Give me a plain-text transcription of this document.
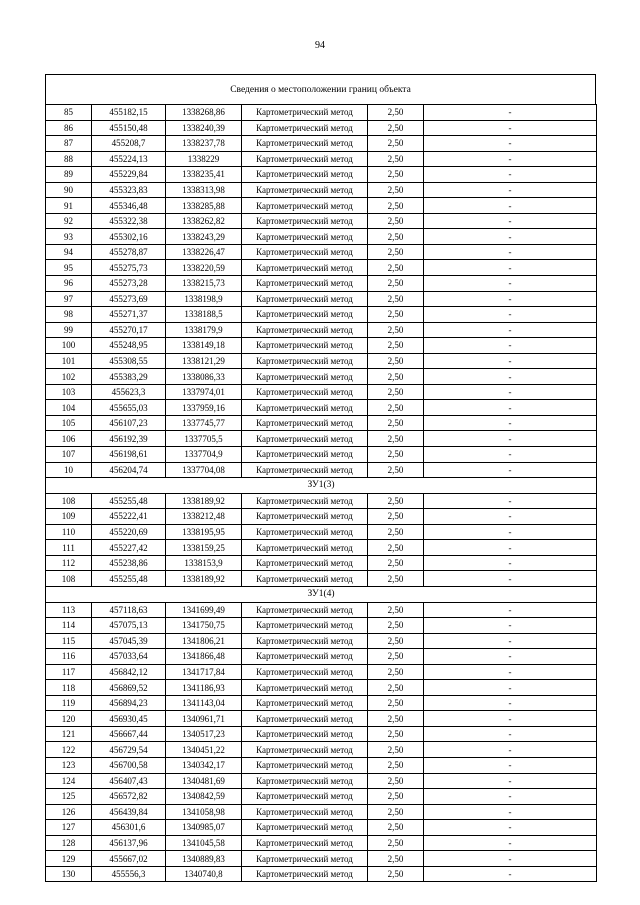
94
Сведения о местоположении границ объекта
85	455182,15	1338268,86	Картометрический метод	2,50	-
86	455150,48	1338240,39	Картометрический метод	2,50	-
87	455208,7	1338237,78	Картометрический метод	2,50	-
88	455224,13	1338229	Картометрический метод	2,50	-
89	455229,84	1338235,41	Картометрический метод	2,50	-
90	455323,83	1338313,98	Картометрический метод	2,50	-
91	455346,48	1338285,88	Картометрический метод	2,50	-
92	455322,38	1338262,82	Картометрический метод	2,50	-
93	455302,16	1338243,29	Картометрический метод	2,50	-
94	455278,87	1338226,47	Картометрический метод	2,50	-
95	455275,73	1338220,59	Картометрический метод	2,50	-
96	455273,28	1338215,73	Картометрический метод	2,50	-
97	455273,69	1338198,9	Картометрический метод	2,50	-
98	455271,37	1338188,5	Картометрический метод	2,50	-
99	455270,17	1338179,9	Картометрический метод	2,50	-
100	455248,95	1338149,18	Картометрический метод	2,50	-
101	455308,55	1338121,29	Картометрический метод	2,50	-
102	455383,29	1338086,33	Картометрический метод	2,50	-
103	455623,3	1337974,01	Картометрический метод	2,50	-
104	455655,03	1337959,16	Картометрический метод	2,50	-
105	456107,23	1337745,77	Картометрический метод	2,50	-
106	456192,39	1337705,5	Картометрический метод	2,50	-
107	456198,61	1337704,9	Картометрический метод	2,50	-
10	456204,74	1337704,08	Картометрический метод	2,50	-
ЗУ1(3)					
108	455255,48	1338189,92	Картометрический метод	2,50	-
109	455222,41	1338212,48	Картометрический метод	2,50	-
110	455220,69	1338195,95	Картометрический метод	2,50	-
111	455227,42	1338159,25	Картометрический метод	2,50	-
112	455238,86	1338153,9	Картометрический метод	2,50	-
108	455255,48	1338189,92	Картометрический метод	2,50	-
ЗУ1(4)					
113	457118,63	1341699,49	Картометрический метод	2,50	-
114	457075,13	1341750,75	Картометрический метод	2,50	-
115	457045,39	1341806,21	Картометрический метод	2,50	-
116	457033,64	1341866,48	Картометрический метод	2,50	-
117	456842,12	1341717,84	Картометрический метод	2,50	-
118	456869,52	1341186,93	Картометрический метод	2,50	-
119	456894,23	1341143,04	Картометрический метод	2,50	-
120	456930,45	1340961,71	Картометрический метод	2,50	-
121	456667,44	1340517,23	Картометрический метод	2,50	-
122	456729,54	1340451,22	Картометрический метод	2,50	-
123	456700,58	1340342,17	Картометрический метод	2,50	-
124	456407,43	1340481,69	Картометрический метод	2,50	-
125	456572,82	1340842,59	Картометрический метод	2,50	-
126	456439,84	1341058,98	Картометрический метод	2,50	-
127	456301,6	1340985,07	Картометрический метод	2,50	-
128	456137,96	1341045,58	Картометрический метод	2,50	-
129	455667,02	1340889,83	Картометрический метод	2,50	-
130	455556,3	1340740,8	Картометрический метод	2,50	-
